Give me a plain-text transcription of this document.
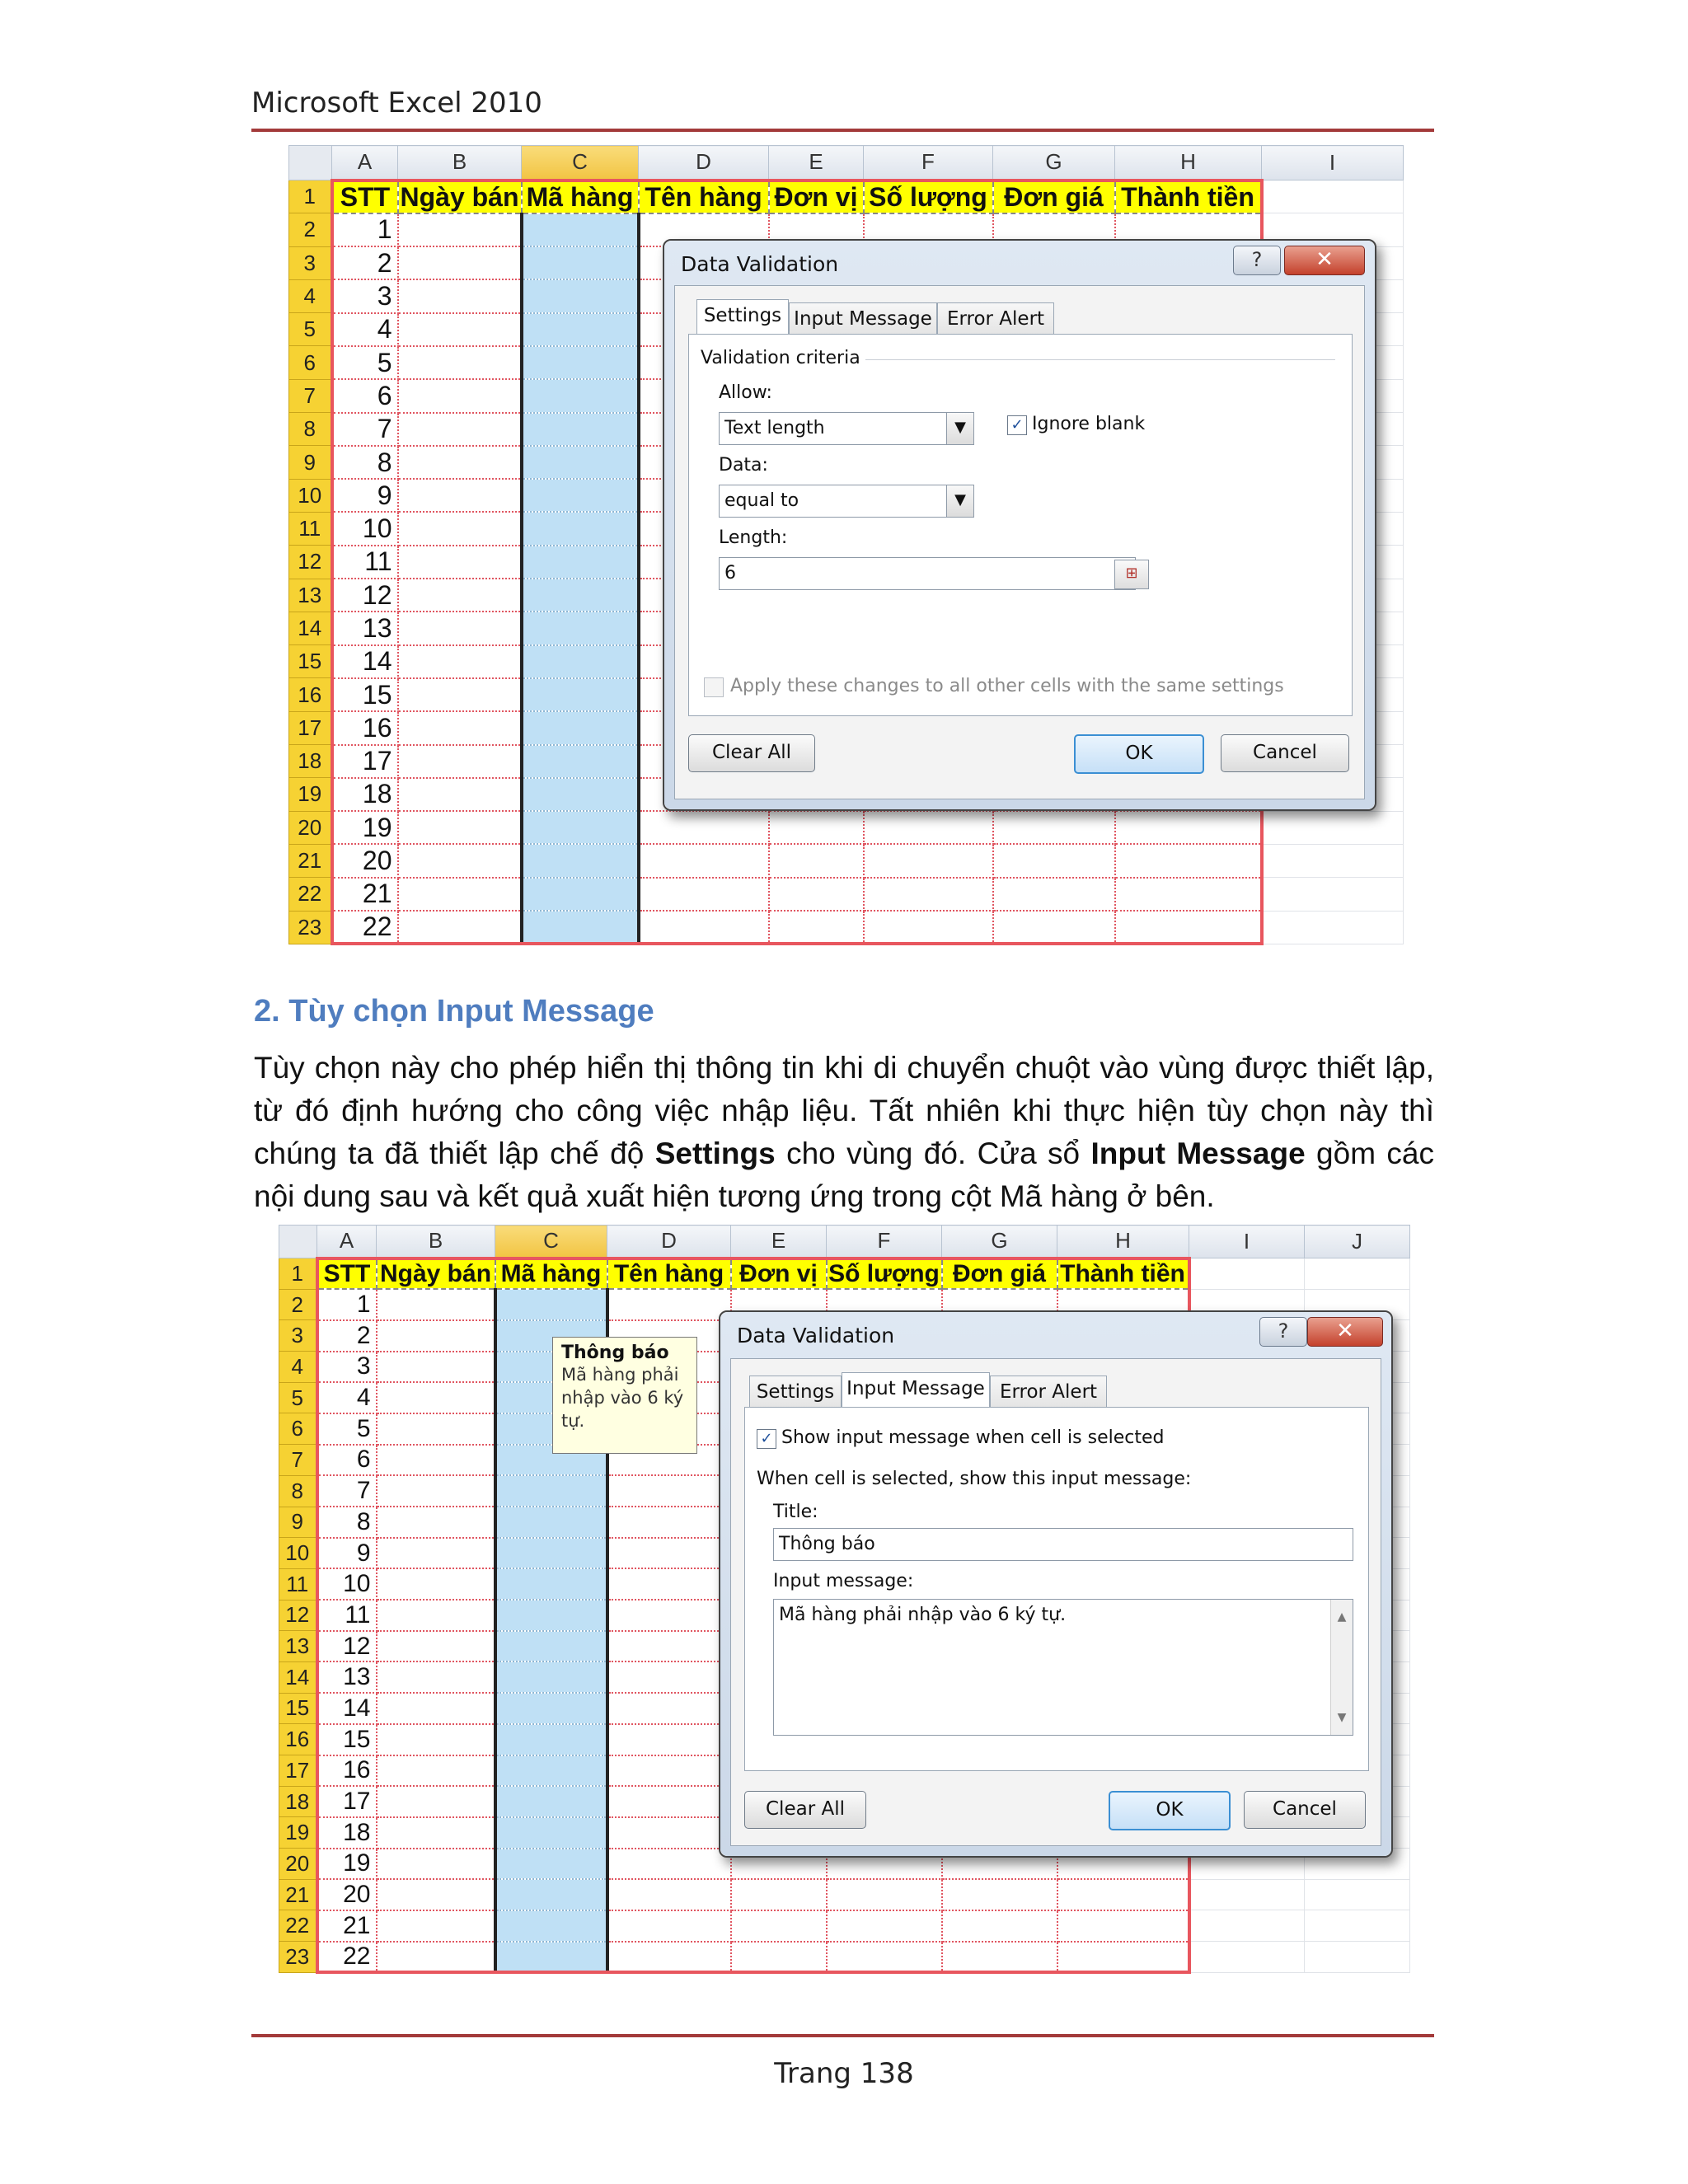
Microsoft Excel 2010
	A	B	C	D	E	F	G	H	I
1	STT	Ngày bán	Mã hàng	Tên hàng	Đơn vị	Số lượng	Đơn giá	Thành tiền	
2	1								
3	2								
4	3								
5	4								
6	5								
7	6								
8	7								
9	8								
10	9								
11	10								
12	11								
13	12								
14	13								
15	14								
16	15								
17	16								
18	17								
19	18								
20	19								
21	20								
22	21								
23	22								
Data Validation	?	✕
Settings Input Message Error Alert
Validation criteria
Allow:
Text length	▼	✓ Ignore blank
Data:
equal to	▼
Length:
6	⊞
Apply these changes to all other cells with the same settings
Clear All	OK	Cancel
2. Tùy chọn Input Message
Tùy chọn này cho phép hiển thị thông tin khi di chuyển chuột vào vùng được thiết lập, từ đó định hướng cho công việc nhập liệu. Tất nhiên khi thực hiện tùy chọn này thì chúng ta đã thiết lập chế độ Settings cho vùng đó. Cửa sổ Input Message gồm các nội dung sau và kết quả xuất hiện tương ứng trong cột Mã hàng ở bên.
	A	B	C	D	E	F	G	H	I	J
1	STT	Ngày bán	Mã hàng	Tên hàng	Đơn vị	Số lượng	Đơn giá	Thành tiền		
2	1									
3	2									
4	3									
5	4									
6	5									
7	6									
8	7									
9	8									
10	9									
11	10									
12	11									
13	12									
14	13									
15	14									
16	15									
17	16									
18	17									
19	18									
20	19									
21	20									
22	21									
23	22									
Thông báo
Mã hàng phải nhập vào 6 ký tự.
Data Validation	?	✕
Settings Input Message Error Alert
✓ Show input message when cell is selected
When cell is selected, show this input message:
Title:
Thông báo
Input message:
Mã hàng phải nhập vào 6 ký tự.	▲
▼
Clear All	OK	Cancel
Trang 138
